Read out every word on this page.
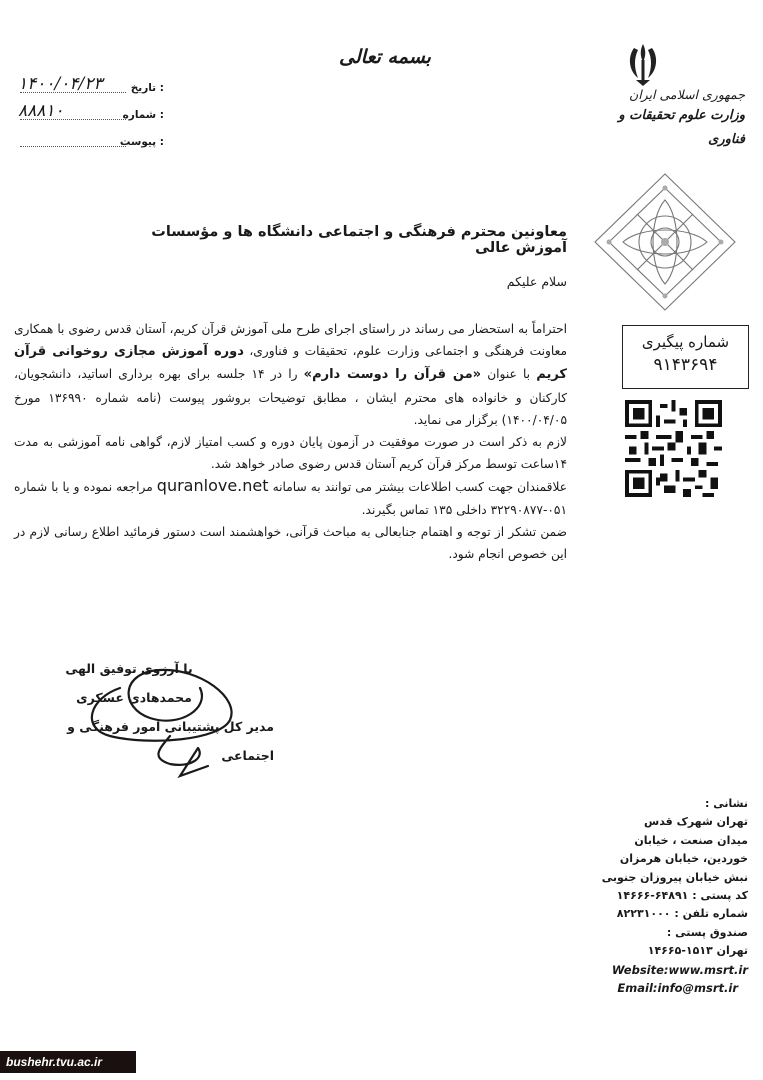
بسمه تعالی
جمهوری اسلامی ایران
وزارت علوم تحقیقات و فناوری
۱۴۰۰/۰۴/۲۳	تاریخ :
۸۸۸۱۰	شماره :
پیوست :
شماره پیگیری
۹۱۴۳۶۹۴
معاونین محترم فرهنگی و اجتماعی دانشگاه ها و مؤسسات آموزش عالی
سلام علیکم

احتراماً به استحضار می رساند در راستای اجرای طرح ملی آموزش قرآن کریم، آستان قدس رضوی با همکاری معاونت فرهنگی و اجتماعی وزارت علوم، تحقیقات و فناوری، دوره آموزش مجازی روخوانی قرآن کریم با عنوان «من قرآن را دوست دارم» را در ۱۴ جلسه برای بهره برداری اساتید، دانشجویان، کارکنان و خانواده های محترم ایشان ، مطابق توضیحات بروشور پیوست (نامه شماره ۱۳۶۹۹۰ مورخ ۱۴۰۰/۰۴/۰۵) برگزار می نماید.

لازم به ذکر است در صورت موفقیت در آزمون پایان دوره و کسب امتیاز لازم، گواهی نامه آموزشی به مدت ۱۴ساعت توسط مرکز قرآن کریم آستان قدس رضوی صادر خواهد شد.

علاقمندان جهت کسب اطلاعات بیشتر می توانند به سامانه quranlove.net مراجعه نموده و یا با شماره ۰۵۱-۳۲۲۹۰۸۷۷ داخلی ۱۳۵ تماس بگیرند.

ضمن تشکر از توجه و اهتمام جنابعالی به مباحث قرآنی، خواهشمند است دستور فرمائید اطلاع رسانی لازم در این خصوص انجام شود.

با آرزوی توفیق الهی
محمدهادی عسکری
مدیر کل پشتیبانی امور فرهنگی و اجتماعی
نشانی :
تهران شهرک قدس
میدان صنعت ، خیابان
خوردین، خیابان هرمزان
نبش خیابان پیروزان جنوبی
کد پستی : ۶۴۸۹۱-۱۴۶۶۶
شماره تلفن : ۸۲۲۳۱۰۰۰
صندوق پستی :
تهران ۱۵۱۳-۱۴۶۶۵
Website:www.msrt.ir
Email:info@msrt.ir
bushehr.tvu.ac.ir
